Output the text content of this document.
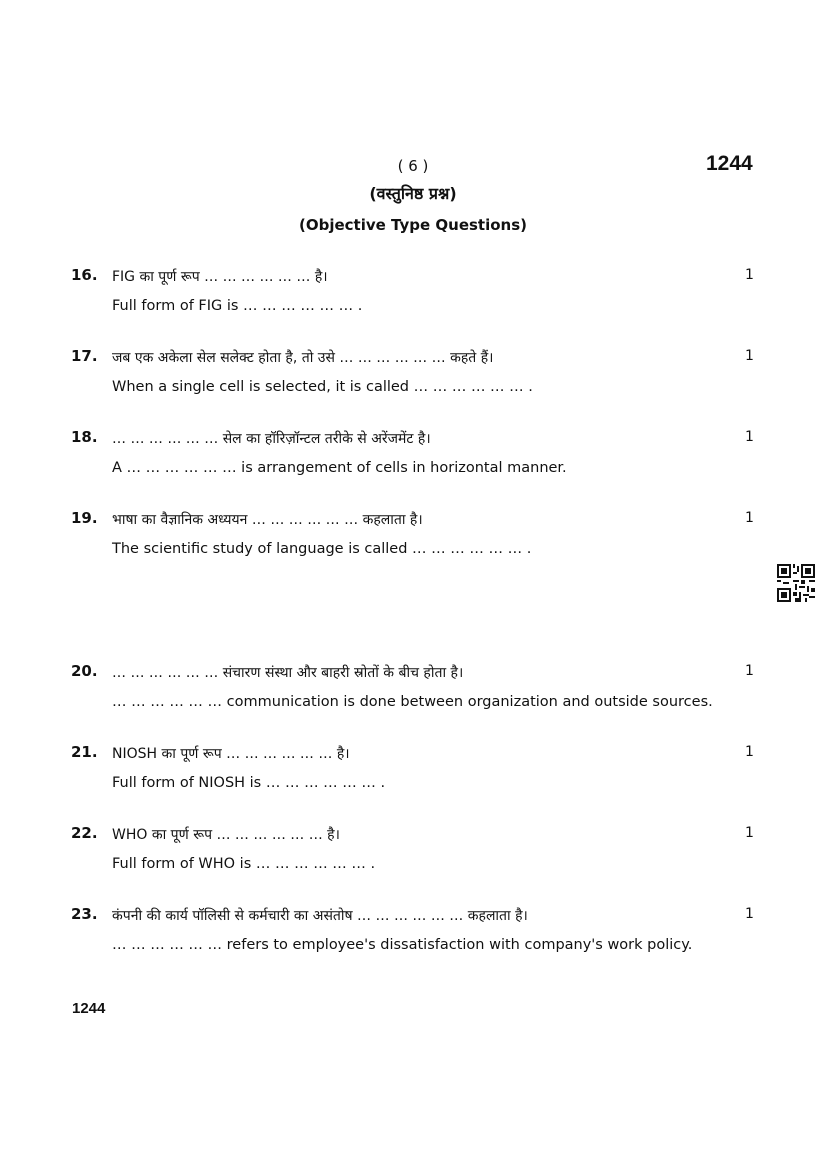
( 6 )	1244
(वस्तुनिष्ठ प्रश्न)
(Objective Type Questions)
16. FIG का पूर्ण रूप … … … … … … है।
Full form of FIG is … … … … … … .
1
17. जब एक अकेला सेल सलेक्ट होता है, तो उसे … … … … … … कहते हैं।
When a single cell is selected, it is called … … … … … … .
1
18. … … … … … … सेल का हॉरिज़ॉन्टल तरीके से अरेंजमेंट है।
A … … … … … … is arrangement of cells in horizontal manner.
1
19. भाषा का वैज्ञानिक अध्ययन … … … … … … कहलाता है।
The scientific study of language is called … … … … … … .
1
20. … … … … … … संचारण संस्था और बाहरी स्रोतों के बीच होता है।
… … … … … … communication is done between organization and outside sources.
1
21. NIOSH का पूर्ण रूप … … … … … … है।
Full form of NIOSH is … … … … … … .
1
22. WHO का पूर्ण रूप … … … … … … है।
Full form of WHO is … … … … … … .
1
23. कंपनी की कार्य पॉलिसी से कर्मचारी का असंतोष … … … … … … कहलाता है।
… … … … … … refers to employee's dissatisfaction with company's work policy.
1
1244
